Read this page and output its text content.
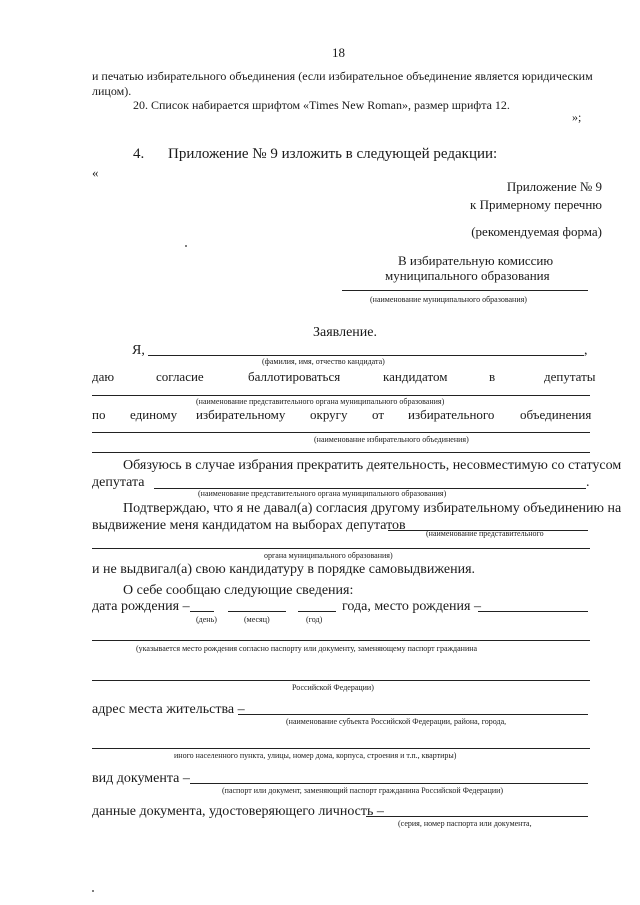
18
и печатью избирательного объединения (если избирательное объединение является юридическим
лицом).
20. Список набирается шрифтом «Times New Roman», размер шрифта 12.
»;
4. Приложение № 9 изложить в следующей редакции:
«
Приложение № 9
к Примерному перечню
(рекомендуемая форма)
В избирательную комиссию
муниципального образования
(наименование муниципального образования)
Заявление.
Я,	,
(фамилия, имя, отчество кандидата)
даю	согласие	баллотироваться	кандидатом	в	депутаты
(наименование представительного органа муниципального образования)
по единому избирательному округу от избирательного объединения
(наименование избирательного объединения)
Обязуюсь в случае избрания прекратить деятельность, несовместимую со статусом
депутата	.
(наименование представительного органа муниципального образования)
Подтверждаю, что я не давал(а) согласия другому избирательному объединению на
выдвижение меня кандидатом на выборах депутатов
(наименование представительного
органа муниципального образования)
и не выдвигал(а) свою кандидатуру в порядке самовыдвижения.
О себе сообщаю следующие сведения:
дата рождения –	года, место рождения –
(день)	(месяц)	(год)
(указывается место рождения согласно паспорту или документу, заменяющему паспорт гражданина
Российской Федерации)
адрес места жительства –
(наименование субъекта Российской Федерации, района, города,
иного населенного пункта, улицы, номер дома, корпуса, строения и т.п., квартиры)
вид документа –
(паспорт или документ, заменяющий паспорт гражданина Российской Федерации)
данные документа, удостоверяющего личность –
(серия, номер паспорта или документа,
